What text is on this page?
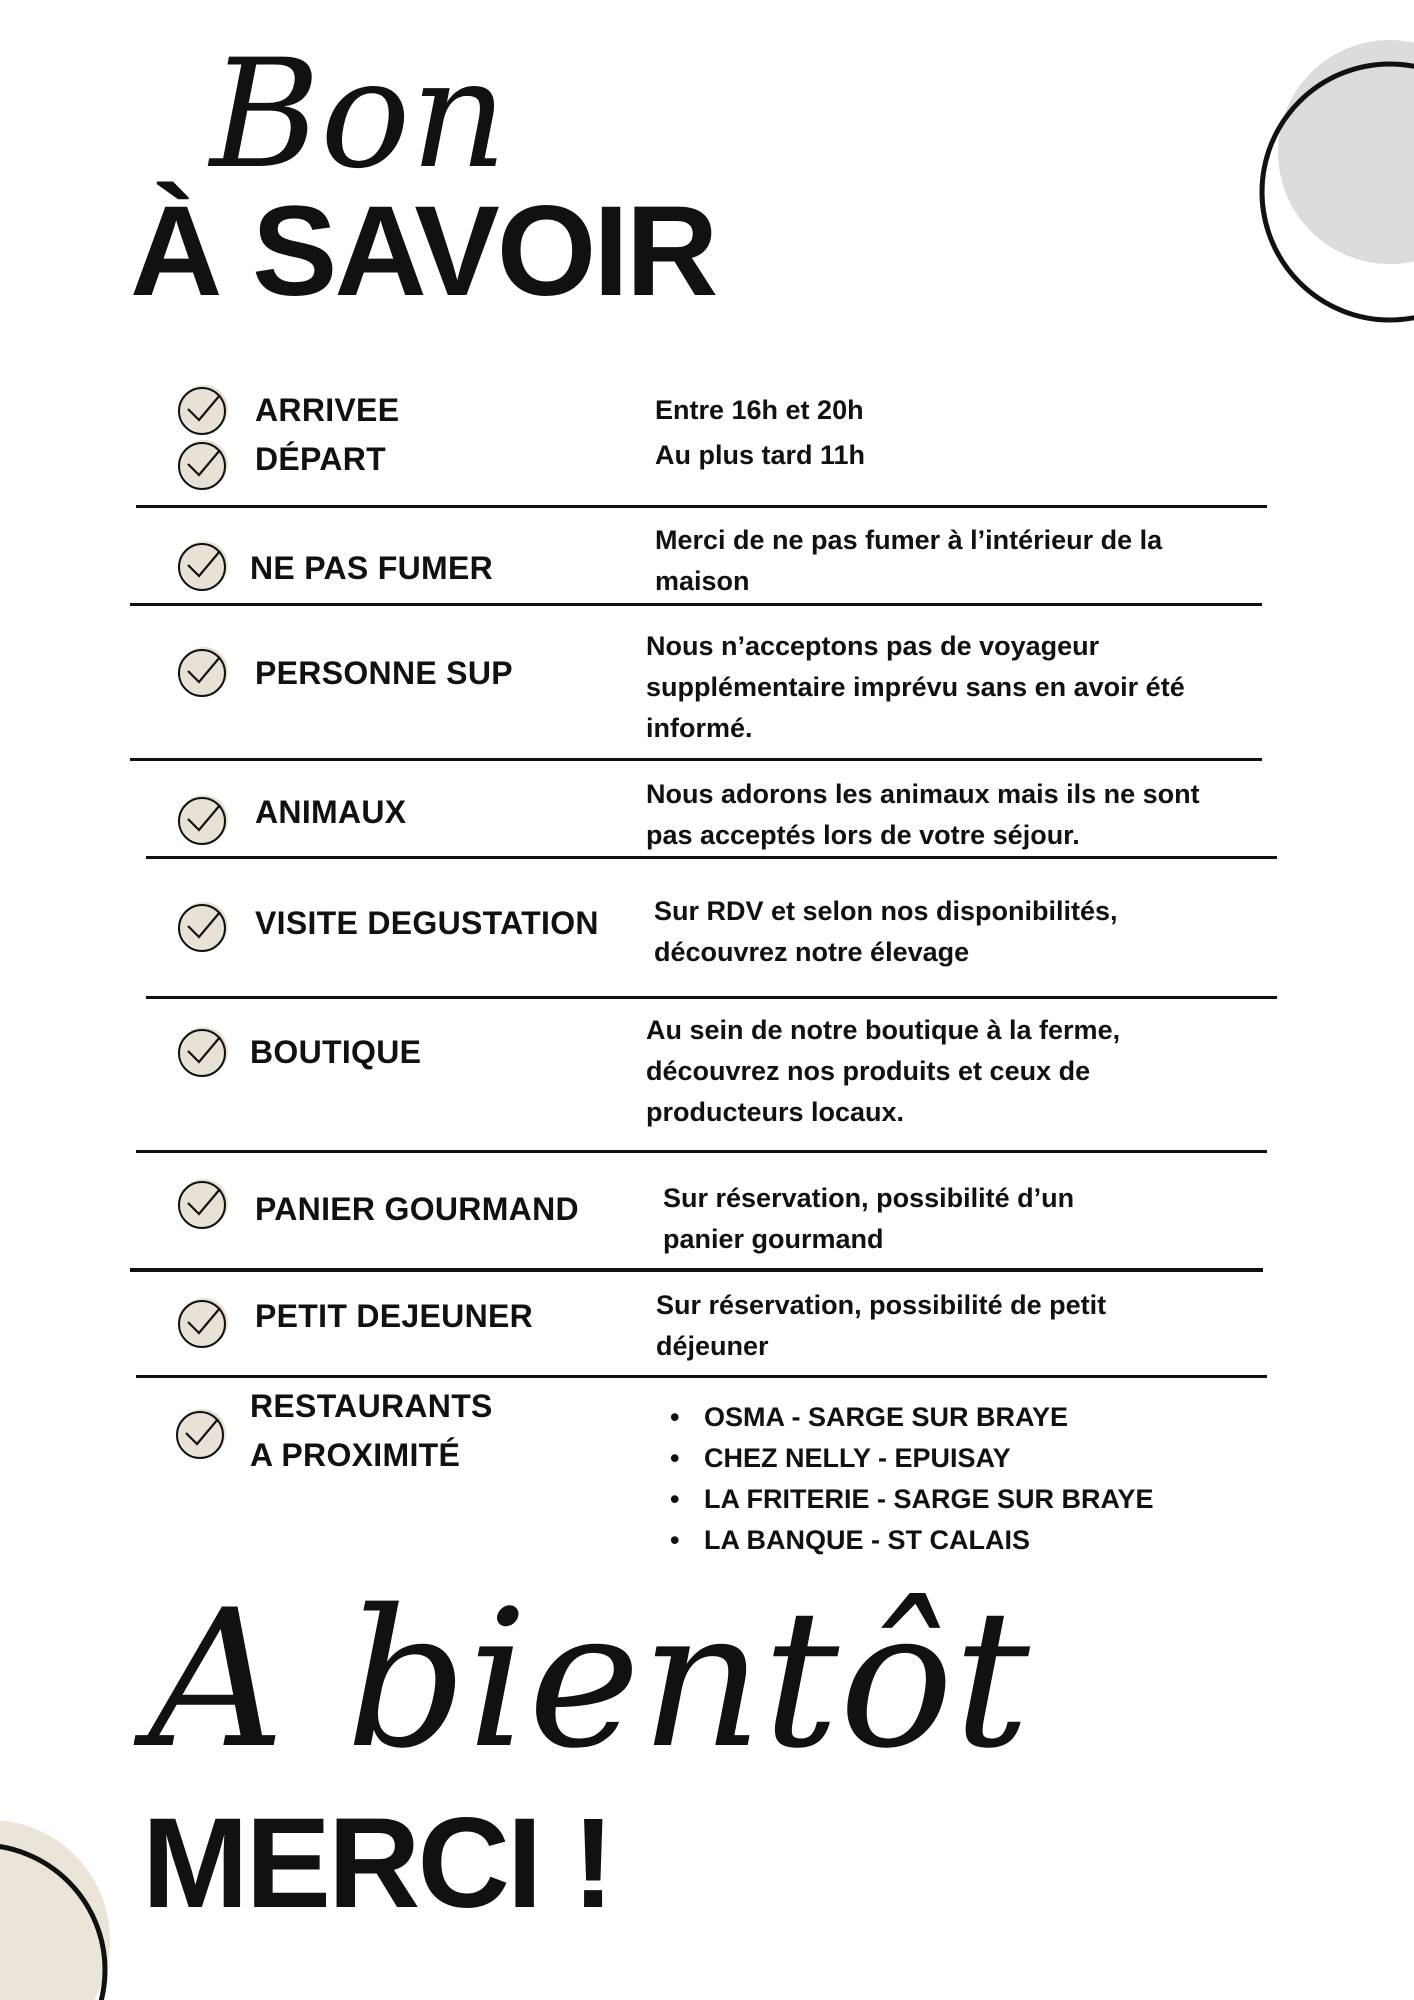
Bon
À SAVOIR
ARRIVEE
DÉPART
NE PAS FUMER
PERSONNE SUP
ANIMAUX
VISITE DEGUSTATION
BOUTIQUE
PANIER GOURMAND
PETIT DEJEUNER
RESTAURANTS
A PROXIMITÉ
Entre 16h et 20h
Au plus tard 11h
Merci de ne pas fumer à l’intérieur de la maison
Nous n’acceptons pas de voyageur supplémentaire imprévu sans en avoir été informé.
Nous adorons les animaux mais ils ne sont pas acceptés lors de votre séjour.
Sur RDV et selon nos disponibilités, découvrez notre élevage
Au sein de notre boutique à la ferme, découvrez nos produits et ceux de producteurs locaux.
Sur réservation, possibilité d’un panier gourmand
Sur réservation, possibilité de petit déjeuner
• OSMA - SARGE SUR BRAYE
• CHEZ NELLY - EPUISAY
• LA FRITERIE - SARGE SUR BRAYE
• LA BANQUE - ST CALAIS
A bientôt
MERCI !
